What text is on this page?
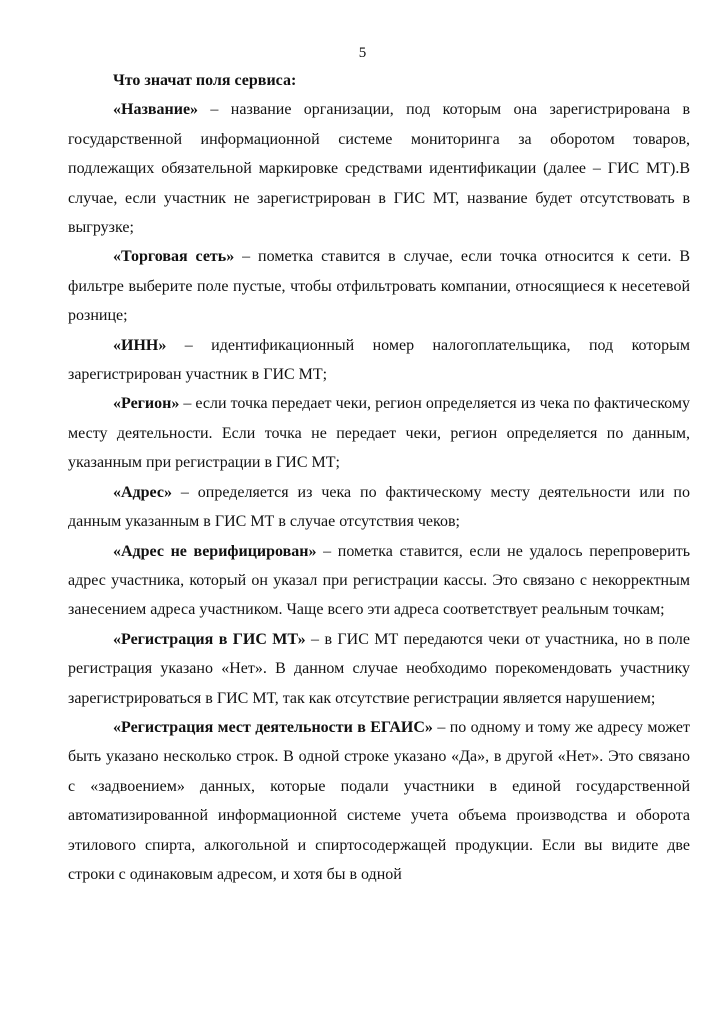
5

Что значат поля сервиса:

«Название» – название организации, под которым она зарегистрирована в государственной информационной системе мониторинга за оборотом товаров, подлежащих обязательной маркировке средствами идентификации (далее – ГИС МТ).В случае, если участник не зарегистрирован в ГИС МТ, название будет отсутствовать в выгрузке;

«Торговая сеть» – пометка ставится в случае, если точка относится к сети. В фильтре выберите поле пустые, чтобы отфильтровать компании, относящиеся к несетевой рознице;

«ИНН» – идентификационный номер налогоплательщика, под которым зарегистрирован участник в ГИС МТ;

«Регион» – если точка передает чеки, регион определяется из чека по фактическому месту деятельности. Если точка не передает чеки, регион определяется по данным, указанным при регистрации в ГИС МТ;

«Адрес» – определяется из чека по фактическому месту деятельности или по данным указанным в ГИС МТ в случае отсутствия чеков;

«Адрес не верифицирован» – пометка ставится, если не удалось перепроверить адрес участника, который он указал при регистрации кассы. Это связано с некорректным занесением адреса участником. Чаще всего эти адреса соответствует реальным точкам;

«Регистрация в ГИС МТ» – в ГИС МТ передаются чеки от участника, но в поле регистрация указано «Нет». В данном случае необходимо порекомендовать участнику зарегистрироваться в ГИС МТ, так как отсутствие регистрации является нарушением;

«Регистрация мест деятельности в ЕГАИС» – по одному и тому же адресу может быть указано несколько строк. В одной строке указано «Да», в другой «Нет». Это связано с «задвоением» данных, которые подали участники в единой государственной автоматизированной информационной системе учета объема производства и оборота этилового спирта, алкогольной и спиртосодержащей продукции. Если вы видите две строки с одинаковым адресом, и хотя бы в одной
